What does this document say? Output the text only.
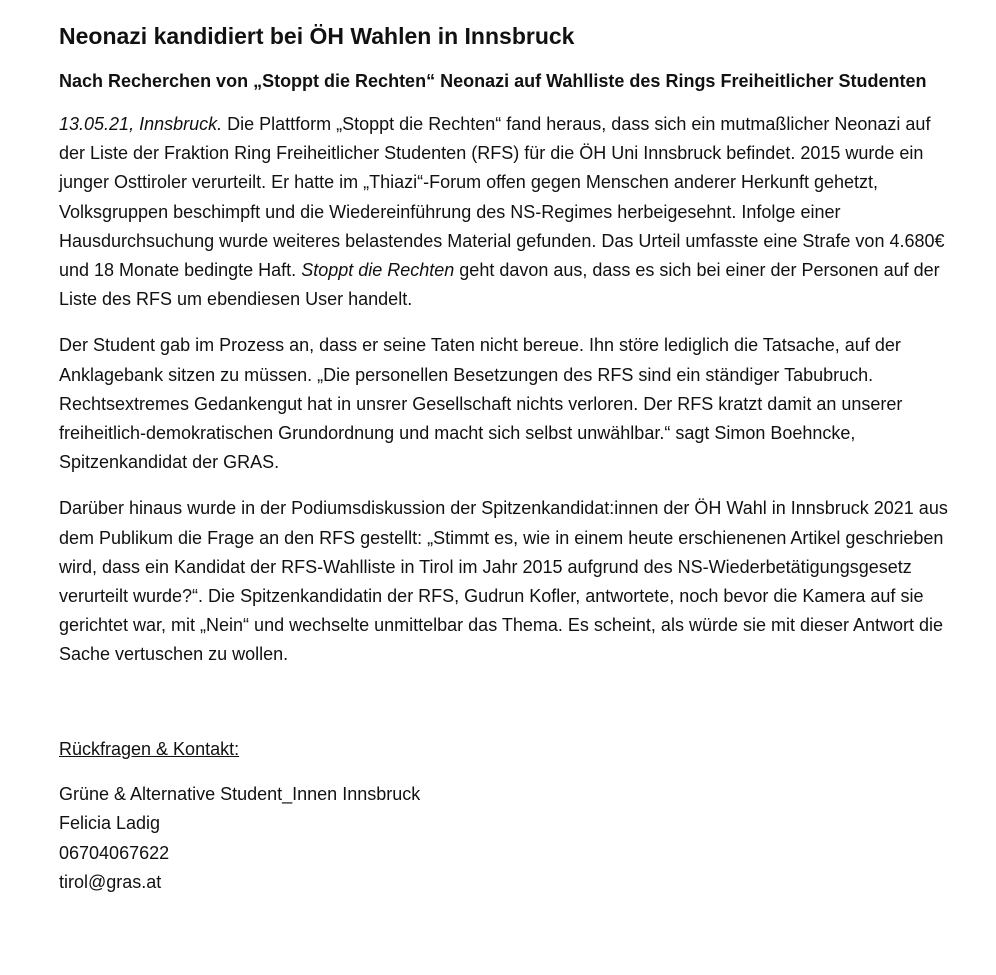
Neonazi kandidiert bei ÖH Wahlen in Innsbruck
Nach Recherchen von „Stoppt die Rechten“ Neonazi auf Wahlliste des Rings Freiheitlicher Studenten

13.05.21, Innsbruck. Die Plattform „Stoppt die Rechten“ fand heraus, dass sich ein mutmaßlicher Neonazi auf der Liste der Fraktion Ring Freiheitlicher Studenten (RFS) für die ÖH Uni Innsbruck befindet. 2015 wurde ein junger Osttiroler verurteilt. Er hatte im „Thiazi“-Forum offen gegen Menschen anderer Herkunft gehetzt, Volksgruppen beschimpft und die Wiedereinführung des NS-Regimes herbeigesehnt. Infolge einer Hausdurchsuchung wurde weiteres belastendes Material gefunden. Das Urteil umfasste eine Strafe von 4.680€ und 18 Monate bedingte Haft. Stoppt die Rechten geht davon aus, dass es sich bei einer der Personen auf der Liste des RFS um ebendiesen User handelt.

Der Student gab im Prozess an, dass er seine Taten nicht bereue. Ihn störe lediglich die Tatsache, auf der Anklagebank sitzen zu müssen. „Die personellen Besetzungen des RFS sind ein ständiger Tabubruch. Rechtsextremes Gedankengut hat in unsrer Gesellschaft nichts verloren. Der RFS kratzt damit an unserer freiheitlich-demokratischen Grundordnung und macht sich selbst unwählbar.“ sagt Simon Boehncke, Spitzenkandidat der GRAS.

Darüber hinaus wurde in der Podiumsdiskussion der Spitzenkandidat:innen der ÖH Wahl in Innsbruck 2021 aus dem Publikum die Frage an den RFS gestellt: „Stimmt es, wie in einem heute erschienenen Artikel geschrieben wird, dass ein Kandidat der RFS-Wahlliste in Tirol im Jahr 2015 aufgrund des NS-Wiederbetätigungsgesetz verurteilt wurde?“. Die Spitzenkandidatin der RFS, Gudrun Kofler, antwortete, noch bevor die Kamera auf sie gerichtet war, mit „Nein“ und wechselte unmittelbar das Thema. Es scheint, als würde sie mit dieser Antwort die Sache vertuschen zu wollen.

Rückfragen & Kontakt:
Grüne & Alternative Student_Innen Innsbruck
Felicia Ladig
06704067622
tirol@gras.at
